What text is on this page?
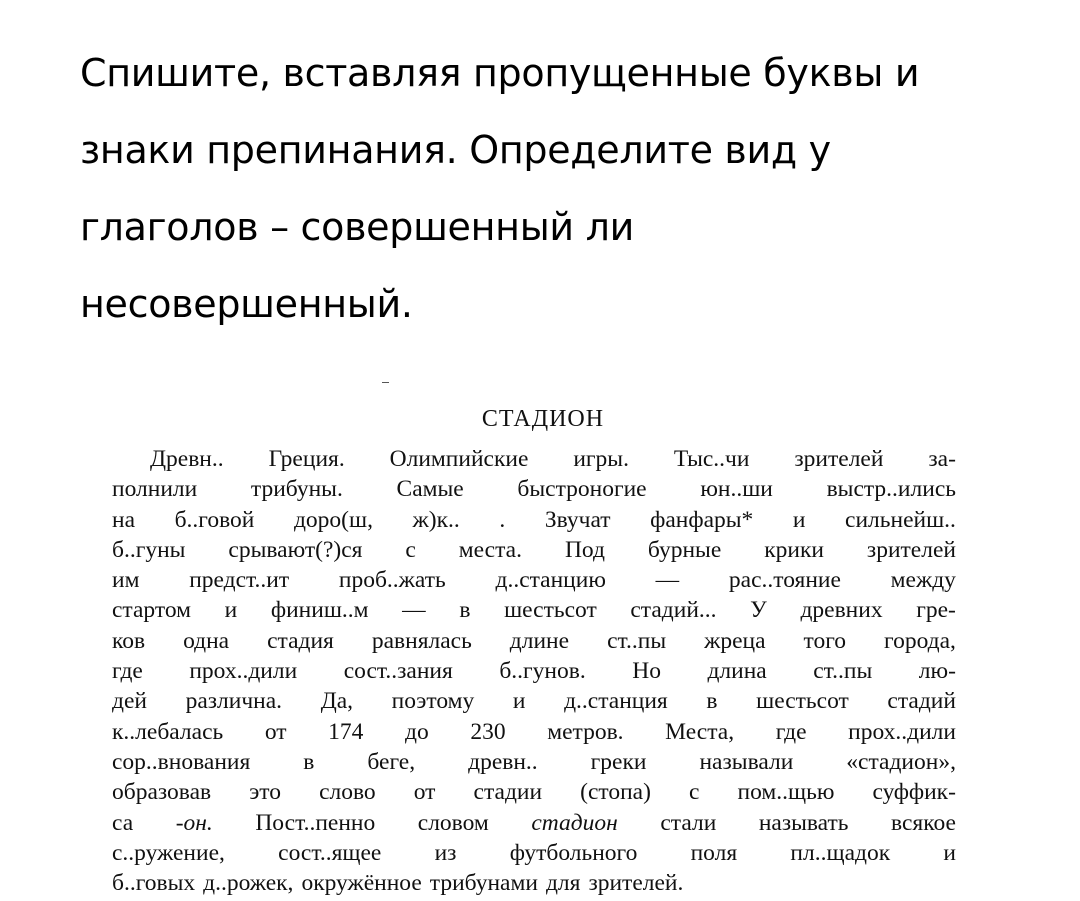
Спишите, вставляя пропущенные буквы и
знаки препинания. Определите вид у
глаголов – совершенный ли
несовершенный.
СТАДИОН
Древн.. Греция. Олимпийские игры. Тыс..чи зрителей за-
полнили трибуны. Самые быстроногие юн..ши выстр..ились
на б..говой доро(ш, ж)к.. . Звучат фанфары* и сильнейш..
б..гуны срывают(?)ся с места. Под бурные крики зрителей
им предст..ит проб..жать д..станцию — рас..тояние между
стартом и финиш..м — в шестьсот стадий... У древних гре-
ков одна стадия равнялась длине ст..пы жреца того города,
где прох..дили сост..зания б..гунов. Но длина ст..пы лю-
дей различна. Да, поэтому и д..станция в шестьсот стадий
к..лебалась от 174 до 230 метров. Места, где прох..дили
сор..внования в беге, древн.. греки называли «стадион»,
образовав это слово от стадии (стопа) с пом..щью суффик-
са -он. Пост..пенно словом стадион стали называть всякое
с..ружение, сост..ящее из футбольного поля пл..щадок и
б..говых д..рожек, окружённое трибунами для зрителей.
